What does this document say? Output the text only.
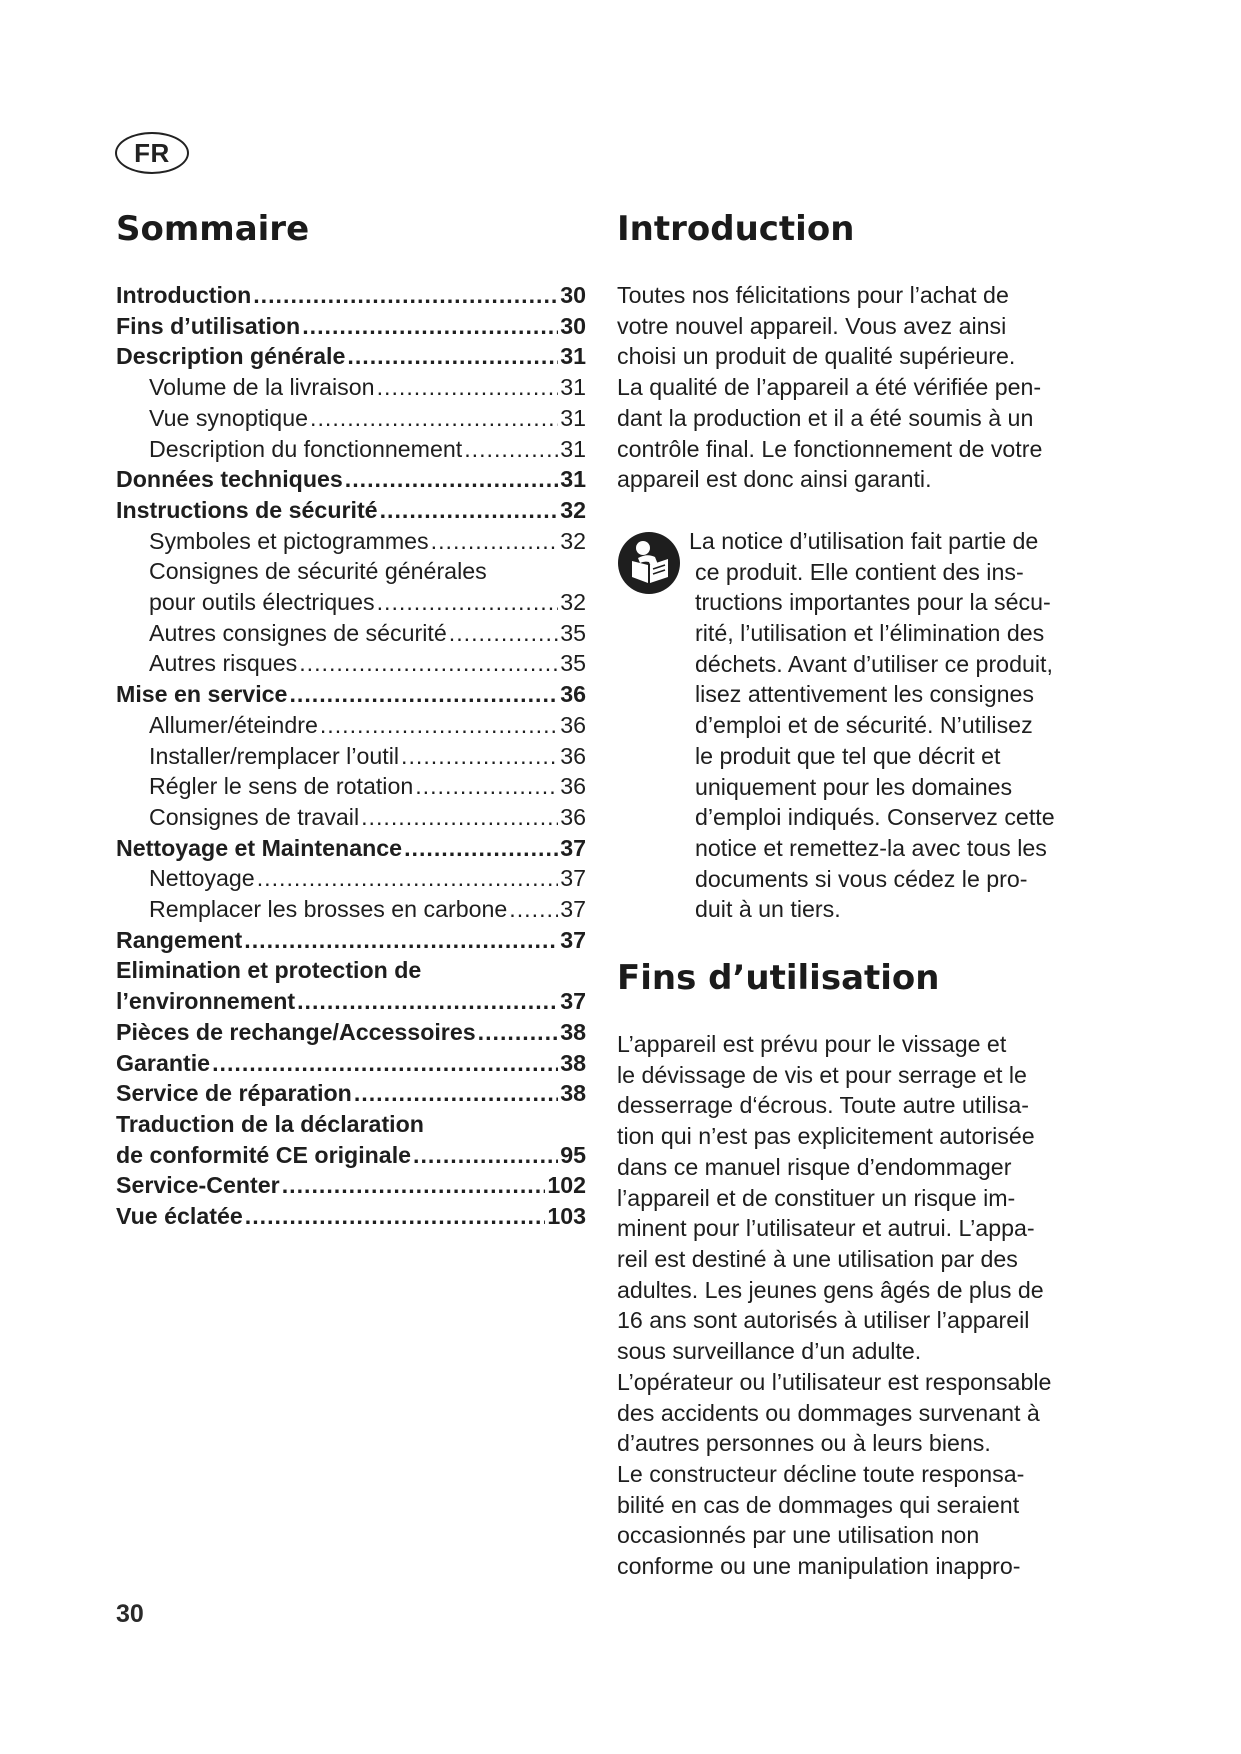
FR
Sommaire
Introduction .....	30
Fins d’utilisation .....	30
Description générale .....	31
Volume de la livraison .....	31
Vue synoptique .....	31
Description du fonctionnement .....	31
Données techniques .....	31
Instructions de sécurité .....	32
Symboles et pictogrammes .....	32
Consignes de sécurité générales
pour outils électriques .....	32
Autres consignes de sécurité .....	35
Autres risques .....	35
Mise en service .....	36
Allumer/éteindre .....	36
Installer/remplacer l’outil .....	36
Régler le sens de rotation .....	36
Consignes de travail .....	36
Nettoyage et Maintenance .....	37
Nettoyage .....	37
Remplacer les brosses en carbone ..... 37
Rangement .....	37
Elimination et protection de
l’environnement .....	37
Pièces de rechange/Accessoires .....	38
Garantie .....	38
Service de réparation .....	38
Traduction de la déclaration
de conformité CE originale .....	95
Service-Center .....	102
Vue éclatée .....	103
Introduction

Toutes nos félicitations pour l’achat de

votre nouvel appareil. Vous avez ainsi

choisi un produit de qualité supérieure.

La qualité de l’appareil a été vérifiée pen-

dant la production et il a été soumis à un

contrôle final. Le fonctionnement de votre

appareil est donc ainsi garanti.

La notice d’utilisation fait partie de

ce produit. Elle contient des ins-

tructions importantes pour la sécu-

rité, l’utilisation et l’élimination des

déchets. Avant d’utiliser ce produit,

lisez attentivement les consignes

d’emploi et de sécurité. N’utilisez

le produit que tel que décrit et

uniquement pour les domaines

d’emploi indiqués. Conservez cette

notice et remettez-la avec tous les

documents si vous cédez le pro-

duit à un tiers.

Fins d’utilisation

L’appareil est prévu pour le vissage et

le dévissage de vis et pour serrage et le

desserrage d‘écrous. Toute autre utilisa-

tion qui n’est pas explicitement autorisée

dans ce manuel risque d’endommager

l’appareil et de constituer un risque im-

minent pour l’utilisateur et autrui. L’appa-

reil est destiné à une utilisation par des

adultes. Les jeunes gens âgés de plus de

16 ans sont autorisés à utiliser l’appareil

sous surveillance d’un adulte.

L’opérateur ou l’utilisateur est responsable

des accidents ou dommages survenant à

d’autres personnes ou à leurs biens.

Le constructeur décline toute responsa-

bilité en cas de dommages qui seraient

occasionnés par une utilisation non

conforme ou une manipulation inappro-

30
